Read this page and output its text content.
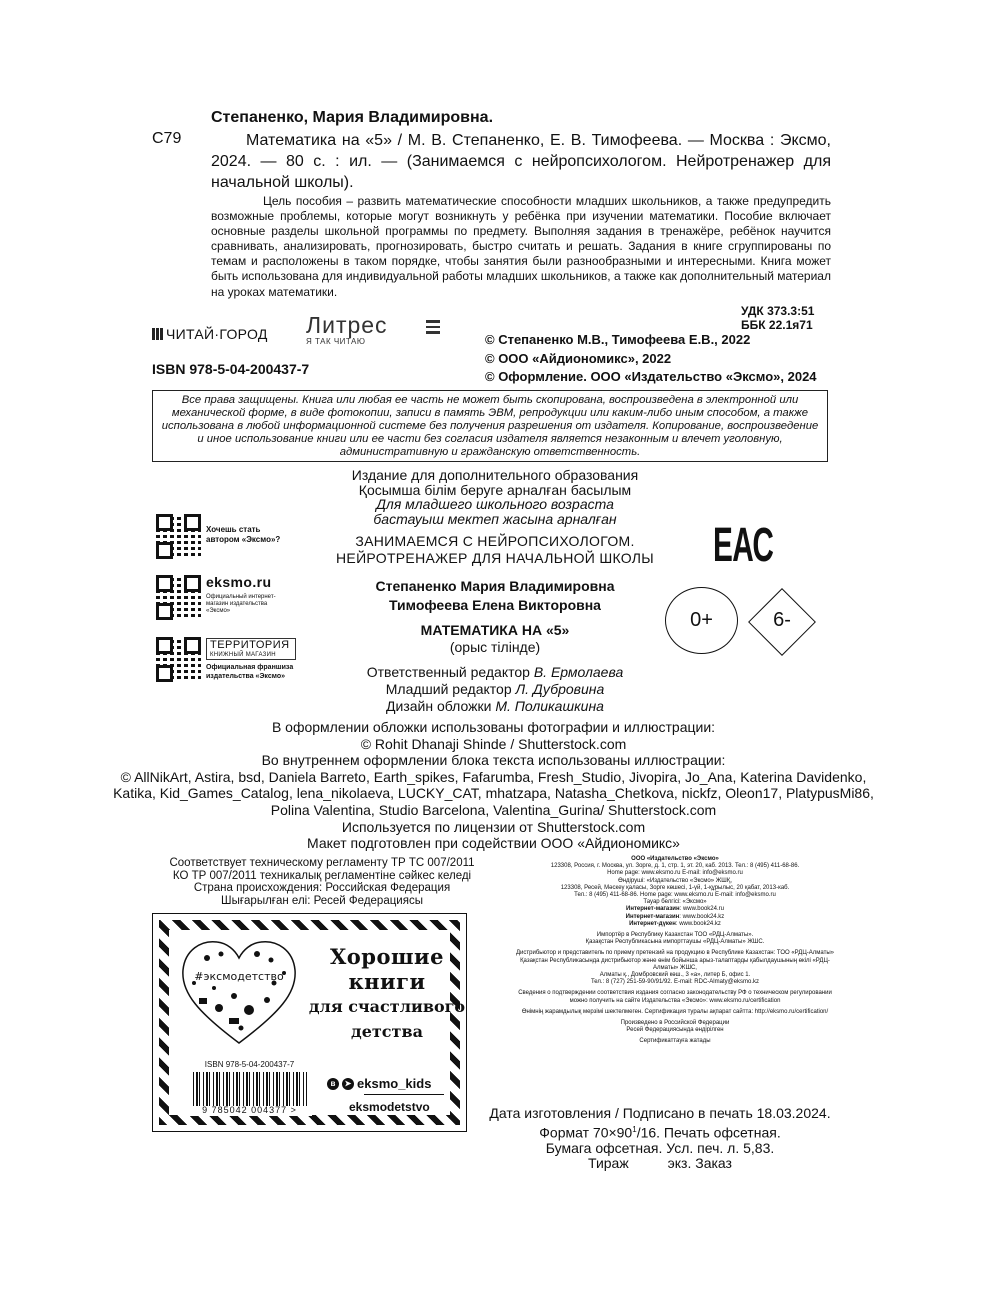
Степаненко, Мария Владимировна.
С79	Математика на «5» / М. В. Степаненко, Е. В. Тимофеева. — Москва : Эксмо, 2024. — 80 с. : ил. — (Занимаемся с нейропсихологом. Нейротренажер для начальной школы).
Цель пособия – развить математические способности младших школьников, а также предупредить возможные проблемы, которые могут возникнуть у ребёнка при изучении математики. Пособие включает основные разделы школьной программы по предмету. Выполняя задания в тренажёре, ребёнок научится сравнивать, анализировать, прогнозировать, быстро считать и решать. Задания в книге сгруппированы по темам и расположены в таком порядке, чтобы занятия были разнообразными и интересными. Книга может быть использована для индивидуальной работы младших школьников, а также как дополнительный материал на уроках математики.
УДК 373.3:51
ББК 22.1я71
ЧИТАЙ·ГОРОД Литрес
Я ТАК ЧИТАЮ	© Степаненко М.В., Тимофеева Е.В., 2022
© ООО «Айдиономикс», 2022
© Оформление. ООО «Издательство «Эксмо», 2024
ISBN 978-5-04-200437-7
Все права защищены. Книга или любая ее часть не может быть скопирована, воспроизведена в электронной или механической форме, в виде фотокопии, записи в память ЭВМ, репродукции или каким-либо иным способом, а также использована в любой информационной системе без получения разрешения от издателя. Копирование, воспроизведение и иное использование книги или ее части без согласия издателя является незаконным и влечет уголовную, административную и гражданскую ответственность.
Издание для дополнительного образования
Қосымша білім беруге арналған басылым
Для младшего школьного возраста
бастауыш мектеп жасына арналған
ЗАНИМАЕМСЯ С НЕЙРОПСИХОЛОГОМ.
НЕЙРОТРЕНАЖЕР ДЛЯ НАЧАЛЬНОЙ ШКОЛЫ
Степаненко Мария Владимировна
Тимофеева Елена Викторовна
МАТЕМАТИКА НА «5»
(орыс тілінде)
Ответственный редактор В. Ермолаева
Младший редактор Л. Дубровина
Дизайн обложки М. Поликашкина
Хочешь стать автором «Эксмо»?
eksmo.ru
Официальный интернет-магазин издательства «Эксмо»
ТЕРРИТОРИЯ
КНИЖНЫЙ МАГАЗИН
Официальная франшиза издательства «Эксмо»
ЕАС
0+	6-
В оформлении обложки использованы фотографии и иллюстрации:
© Rohit Dhanaji Shinde / Shutterstock.com
Во внутреннем оформлении блока текста использованы иллюстрации:
© AllNikArt, Astira, bsd, Daniela Barreto, Earth_spikes, Fafarumba, Fresh_Studio, Jivopira, Jo_Ana, Katerina Davidenko, Katika, Kid_Games_Catalog, lena_nikolaeva, LUCKY_CAT, mhatzapa, Natasha_Chetkova, nickfz, Oleon17, PlatypusMi86, Polina Valentina, Studio Barcelona, Valentina_Gurina/ Shutterstock.com
Используется по лицензии от Shutterstock.com
Макет подготовлен при содействии ООО «Айдиономикс»
Соответствует техническому регламенту ТР ТС 007/2011
КО ТР 007/2011 техникалық регламентіне сәйкес келеді
Страна происхождения: Российская Федерация
Шығарылған елі: Ресей Федерациясы
ООО «Издательство «Эксмо»
123308, Россия, г. Москва, ул. Зорге, д. 1, стр. 1, эт. 20, каб. 2013. Тел.: 8 (495) 411-68-86.
Home page: www.eksmo.ru E-mail: info@eksmo.ru
Өндіруші: «Издательство «Эксмо» ЖШҚ,
123308, Ресей, Мәскеу қаласы, Зорге көшесі, 1-үй, 1-құрылыс, 20 қабат, 2013-каб.
Тел.: 8 (495) 411-68-86. Home page: www.eksmo.ru E-mail: info@eksmo.ru
Тауар белгісі: «Эксмо»
Интернет-магазин: www.book24.ru
Интернет-магазин: www.book24.kz
Интернет-дүкен: www.book24.kz
Импортёр в Республику Казахстан ТОО «РДЦ-Алматы».
Қазақстан Республикасына импорттаушы «РДЦ-Алматы» ЖШС.
Дистрибьютор и представитель по приему претензий на продукцию в Республике Казахстан: ТОО «РДЦ-Алматы»
Қазақстан Республикасында дистрибьютор және өнім бойынша арыз-талаптарды қабылдаушының өкілі «РДЦ-Алматы» ЖШС,
Алматы қ., Домбровский көш., 3 «а», литер Б, офис 1.
Тел.: 8 (727) 251-59-90/91/92. E-mail: RDC-Almaty@eksmo.kz
Сведения о подтверждении соответствия издания согласно законодательству РФ о техническом регулировании можно получить на сайте Издательства «Эксмо»: www.eksmo.ru/certification
Өнімнің жарамдылық мерзімі шектелмеген. Сертификация туралы ақпарат сайтта: http://eksmo.ru/certification/
Произведено в Российской Федерации
Ресей Федерациясында өндірілген
Сертификаттауға жатады
Дата изготовления / Подписано в печать 18.03.2024.
Формат $70\times 90^1/16$. Печать офсетная.
Бумага офсетная. Усл. печ. л. 5,83.
Тираж	экз. Заказ
#эксмодетство
Хорошие
книги
для счастливого
детства
в	➤ eksmo_kids
eksmodetstvo
ISBN 978-5-04-200437-7
9 785042 004377 >
